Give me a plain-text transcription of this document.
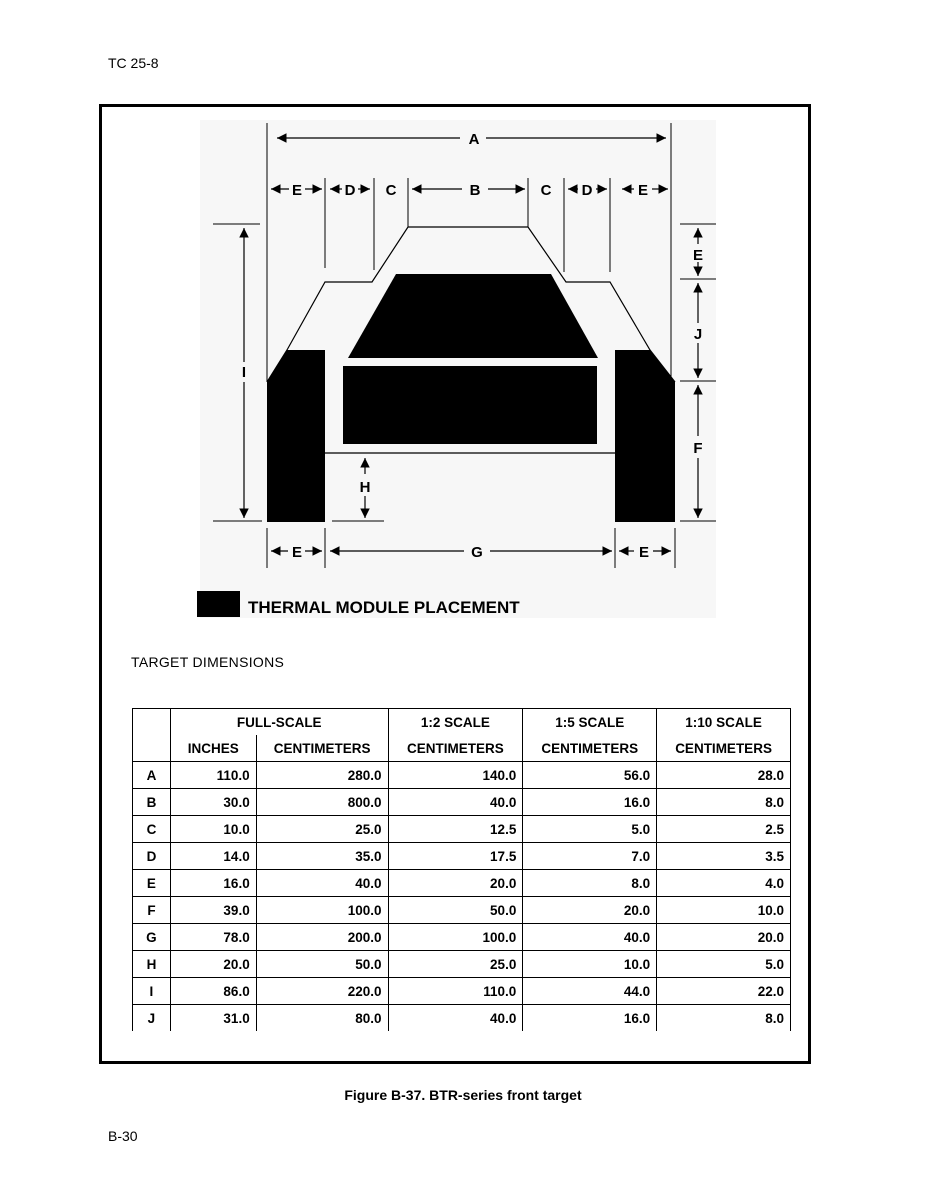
TC 25-8
A
E	D C	B	C D	E
I
E
J
F
H
E	G	E
THERMAL MODULE PLACEMENT
TARGET DIMENSIONS
	FULL-SCALE		1:2 SCALE	1:5 SCALE	1:10 SCALE
	INCHES	CENTIMETERS	CENTIMETERS	CENTIMETERS	CENTIMETERS
A	110.0	280.0	140.0	56.0	28.0
B	30.0	800.0	40.0	16.0	8.0
C	10.0	25.0	12.5	5.0	2.5
D	14.0	35.0	17.5	7.0	3.5
E	16.0	40.0	20.0	8.0	4.0
F	39.0	100.0	50.0	20.0	10.0
G	78.0	200.0	100.0	40.0	20.0
H	20.0	50.0	25.0	10.0	5.0
I	86.0	220.0	110.0	44.0	22.0
J	31.0	80.0	40.0	16.0	8.0
Figure B-37. BTR-series front target
B-30
